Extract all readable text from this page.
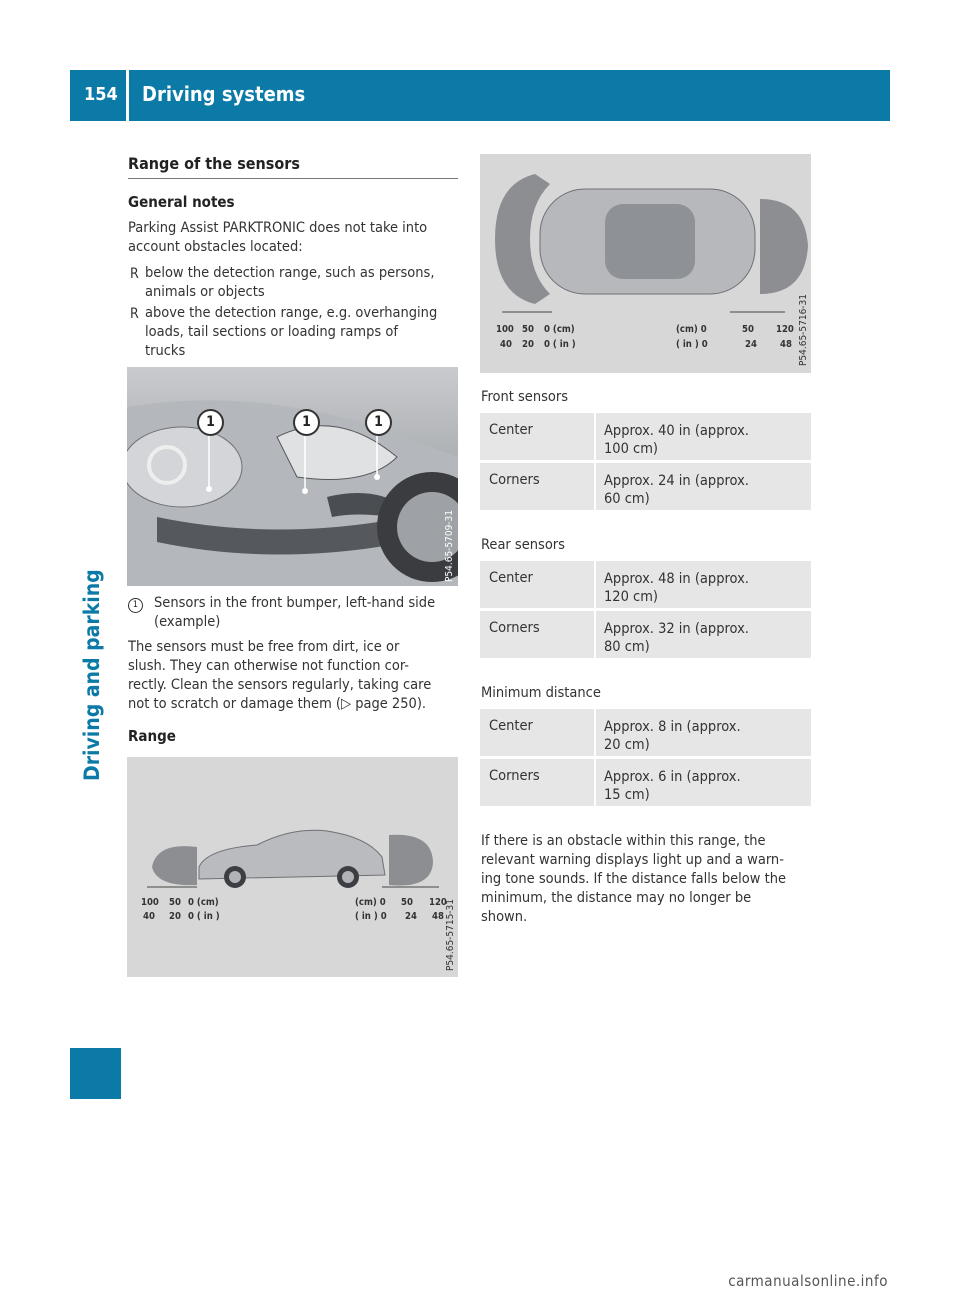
154 Driving systems
Driving and parking
Range of the sensors
General notes
Parking Assist PARKTRONIC does not take into
account obstacles located:
R below the detection range, such as persons,
animals or objects
R above the detection range, e.g. overhanging
loads, tail sections or loading ramps of
trucks
1	1	1
P54.65-5709-31
1	Sensors in the front bumper, left-hand side
(example)
The sensors must be free from dirt, ice or
slush. They can otherwise not function cor-
rectly. Clean the sensors regularly, taking care
not to scratch or damage them (▷ page 250).
Range
100 50 0 (cm)
40 20 0 ( in )
(cm) 0 50 120
( in ) 0 24 48 P54.65-5715-31
100 50 0 (cm)
40 20 0 ( in )
(cm) 0	50 120
( in ) 0	24 48 P54.65-5716-31
Front sensors
Center	Approx. 40 in (approx.
100 cm)
Corners	Approx. 24 in (approx.
60 cm)
Rear sensors
Center	Approx. 48 in (approx.
120 cm)
Corners	Approx. 32 in (approx.
80 cm)
Minimum distance
Center	Approx. 8 in (approx.
20 cm)
Corners	Approx. 6 in (approx.
15 cm)
If there is an obstacle within this range, the
relevant warning displays light up and a warn-
ing tone sounds. If the distance falls below the
minimum, the distance may no longer be
shown.
carmanualsonline.info
